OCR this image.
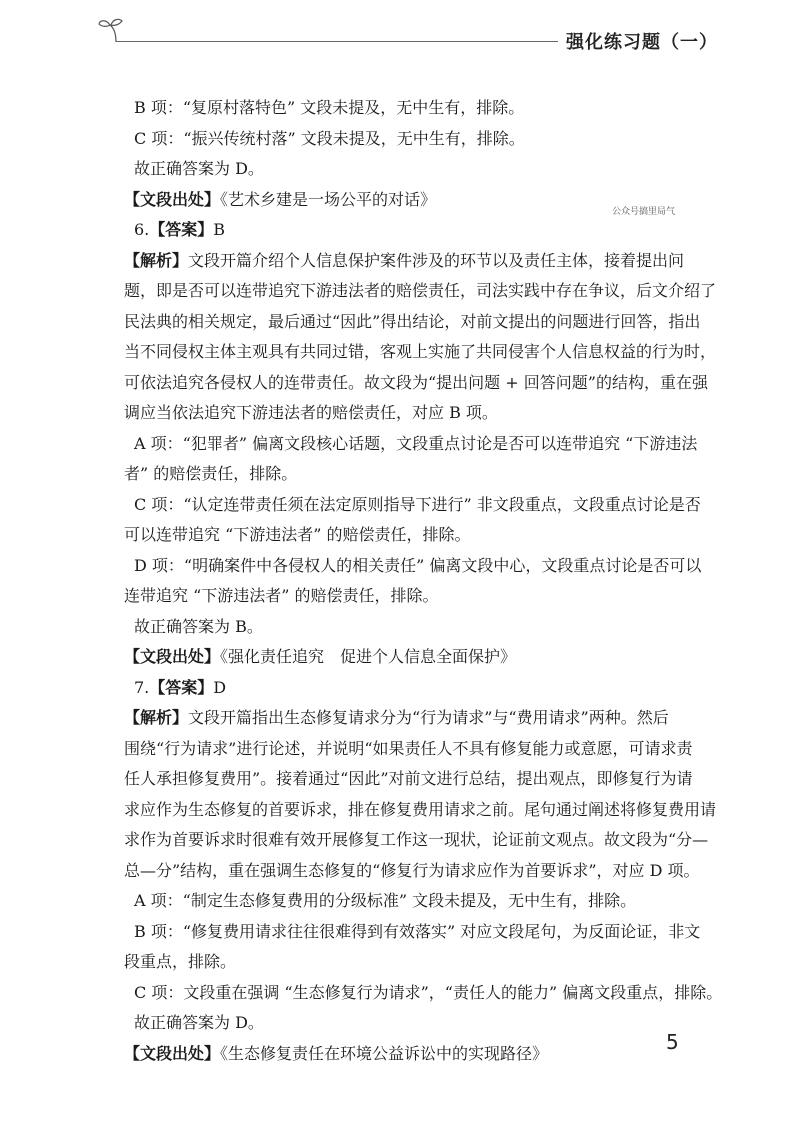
强化练习题（一）
公众号搞里局气
B 项：“复原村落特色” 文段未提及，无中生有，排除。
C 项：“振兴传统村落” 文段未提及，无中生有，排除。
故正确答案为 D。
【文段出处】《艺术乡建是一场公平的对话》
6.【答案】B
【解析】文段开篇介绍个人信息保护案件涉及的环节以及责任主体，接着提出问
题，即是否可以连带追究下游违法者的赔偿责任，司法实践中存在争议，后文介绍了
民法典的相关规定，最后通过“因此”得出结论，对前文提出的问题进行回答，指出
当不同侵权主体主观具有共同过错，客观上实施了共同侵害个人信息权益的行为时，
可依法追究各侵权人的连带责任。故文段为“提出问题 + 回答问题”的结构，重在强
调应当依法追究下游违法者的赔偿责任，对应 B 项。
A 项：“犯罪者” 偏离文段核心话题，文段重点讨论是否可以连带追究 “下游违法
者” 的赔偿责任，排除。
C 项：“认定连带责任须在法定原则指导下进行” 非文段重点，文段重点讨论是否
可以连带追究 “下游违法者” 的赔偿责任，排除。
D 项：“明确案件中各侵权人的相关责任” 偏离文段中心，文段重点讨论是否可以
连带追究 “下游违法者” 的赔偿责任，排除。
故正确答案为 B。
【文段出处】《强化责任追究　促进个人信息全面保护》
7.【答案】D
【解析】文段开篇指出生态修复请求分为“行为请求”与“费用请求”两种。然后
围绕“行为请求”进行论述，并说明“如果责任人不具有修复能力或意愿，可请求责
任人承担修复费用”。接着通过“因此”对前文进行总结，提出观点，即修复行为请
求应作为生态修复的首要诉求，排在修复费用请求之前。尾句通过阐述将修复费用请
求作为首要诉求时很难有效开展修复工作这一现状，论证前文观点。故文段为“分—
总—分”结构，重在强调生态修复的“修复行为请求应作为首要诉求”，对应 D 项。
A 项：“制定生态修复费用的分级标准” 文段未提及，无中生有，排除。
B 项：“修复费用请求往往很难得到有效落实” 对应文段尾句，为反面论证，非文
段重点，排除。
C 项：文段重在强调 “生态修复行为请求”，“责任人的能力” 偏离文段重点，排除。
故正确答案为 D。
【文段出处】《生态修复责任在环境公益诉讼中的实现路径》	5
